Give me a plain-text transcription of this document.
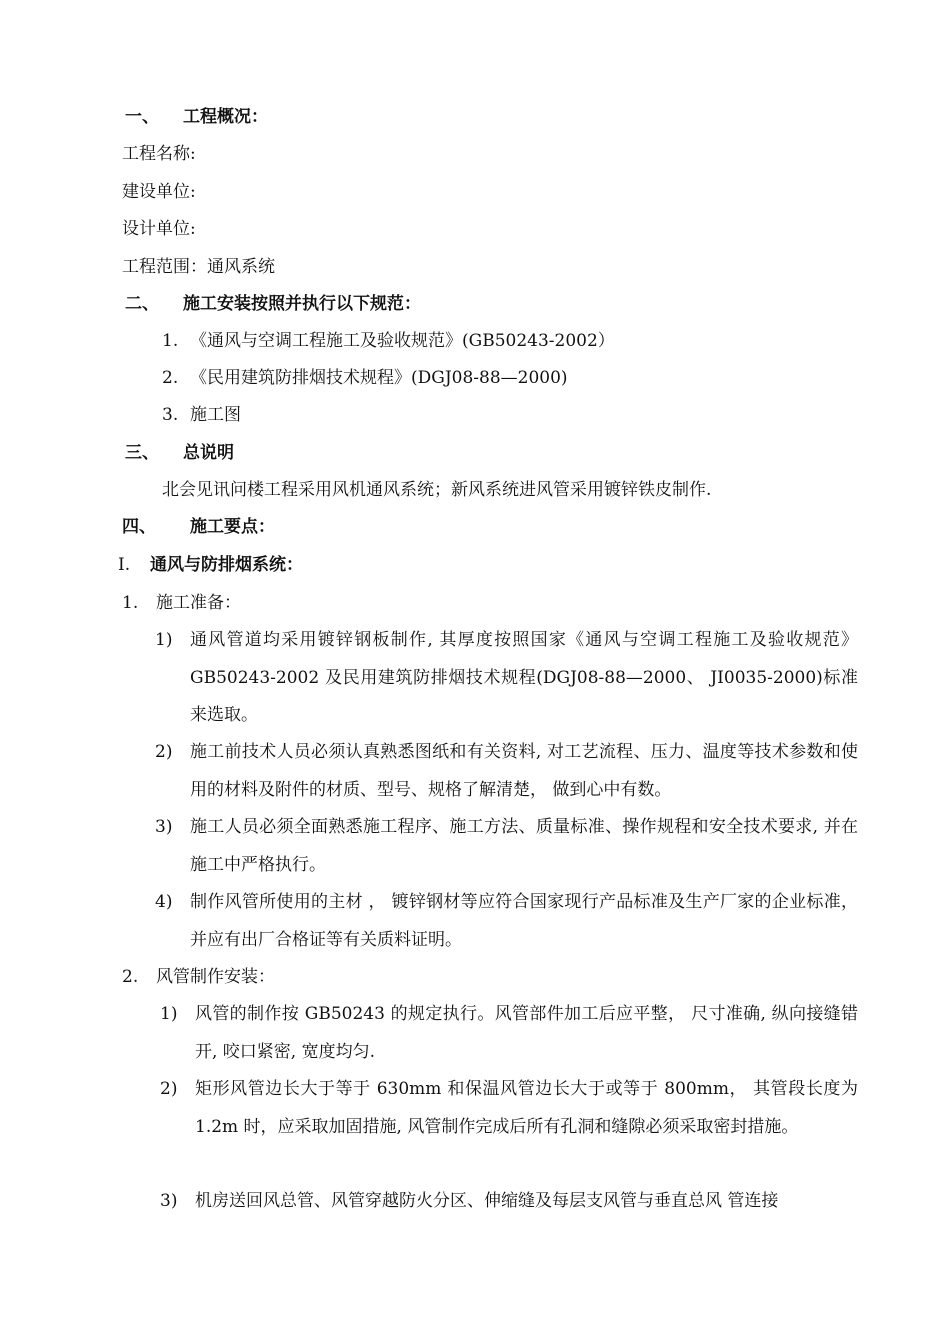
一、 工程概况：
工程名称:
建设单位:
设计单位:
工程范围：通风系统
二、 施工安装按照并执行以下规范：
1. 《通风与空调工程施工及验收规范》(GB50243-2002）
2. 《民用建筑防排烟技术规程》(DGJ08-88—2000)
3. 施工图
三、 总说明
北会见讯问楼工程采用风机通风系统；新风系统进风管采用镀锌铁皮制作.
四、 施工要点：
I. 通风与防排烟系统：
1. 施工准备：
1) 通风管道均采用镀锌钢板制作, 其厚度按照国家《通风与空调工程施工及验收规范》GB50243-2002 及民用建筑防排烟技术规程(DGJ08-88—2000、 JI0035-2000)标准来选取。
2) 施工前技术人员必须认真熟悉图纸和有关资料, 对工艺流程、压力、温度等技术参数和使用的材料及附件的材质、型号、规格了解清楚， 做到心中有数。
3) 施工人员必须全面熟悉施工程序、施工方法、质量标准、操作规程和安全技术要求, 并在施工中严格执行。
4) 制作风管所使用的主材 ， 镀锌钢材等应符合国家现行产品标准及生产厂家的企业标准，并应有出厂合格证等有关质料证明。
2. 风管制作安装：
1) 风管的制作按 GB50243 的规定执行。风管部件加工后应平整， 尺寸准确, 纵向接缝错开, 咬口紧密, 宽度均匀.
2) 矩形风管边长大于等于 630mm 和保温风管边长大于或等于 800mm， 其管段长度为 1.2m 时，应采取加固措施, 风管制作完成后所有孔洞和缝隙必须采取密封措施。
3) 机房送回风总管、风管穿越防火分区、伸缩缝及每层支风管与垂直总风 管连接
